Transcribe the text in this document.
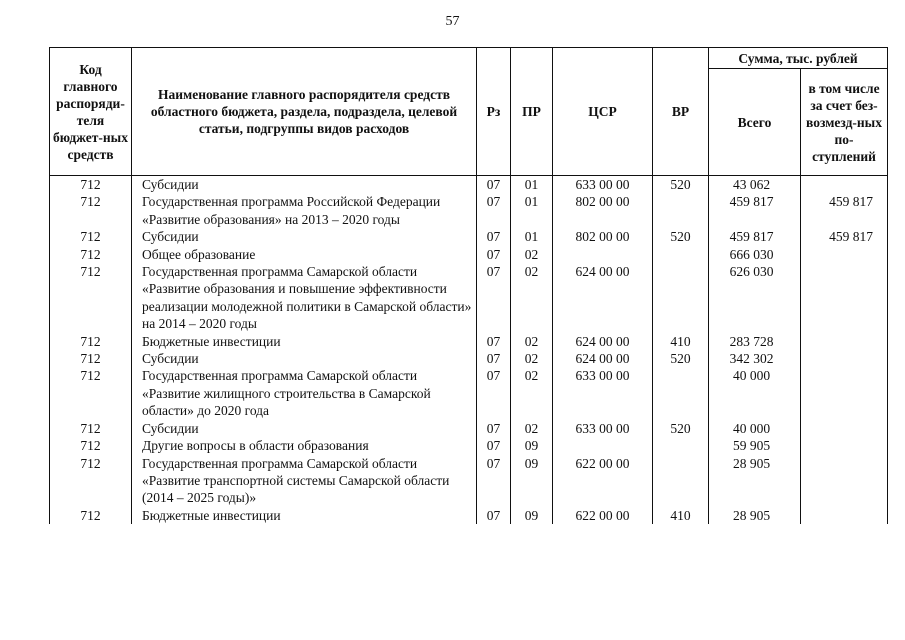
57
Код главного распоряди-теля бюджет-ных средств	Наименование главного распорядителя средств областного бюджета, раздела, подраздела, целевой статьи, подгруппы видов расходов	Рз	ПР	ЦСР	ВР	Сумма, тыс. рублей	
						Всего	в том числе за счет без-возмезд-ных по-ступлений
712	Субсидии	07	01	633 00 00	520	43 062	
712	Государственная программа Российской Федерации «Развитие образования» на 2013 – 2020 годы	07	01	802 00 00		459 817	459 817
712	Субсидии	07	01	802 00 00	520	459 817	459 817
712	Общее образование	07	02			666 030	
712	Государственная программа Самарской области «Развитие образования и повышение эффективности реализации молодежной политики в Самарской области» на 2014 – 2020 годы	07	02	624 00 00		626 030	
712	Бюджетные инвестиции	07	02	624 00 00	410	283 728	
712	Субсидии	07	02	624 00 00	520	342 302	
712	Государственная программа Самарской области «Развитие жилищного строительства в Самарской области» до 2020 года	07	02	633 00 00		40 000	
712	Субсидии	07	02	633 00 00	520	40 000	
712	Другие вопросы в области образования	07	09			59 905	
712	Государственная программа Самарской области «Развитие транспортной системы Самарской области (2014 – 2025 годы)»	07	09	622 00 00		28 905	
712	Бюджетные инвестиции	07	09	622 00 00	410	28 905	
